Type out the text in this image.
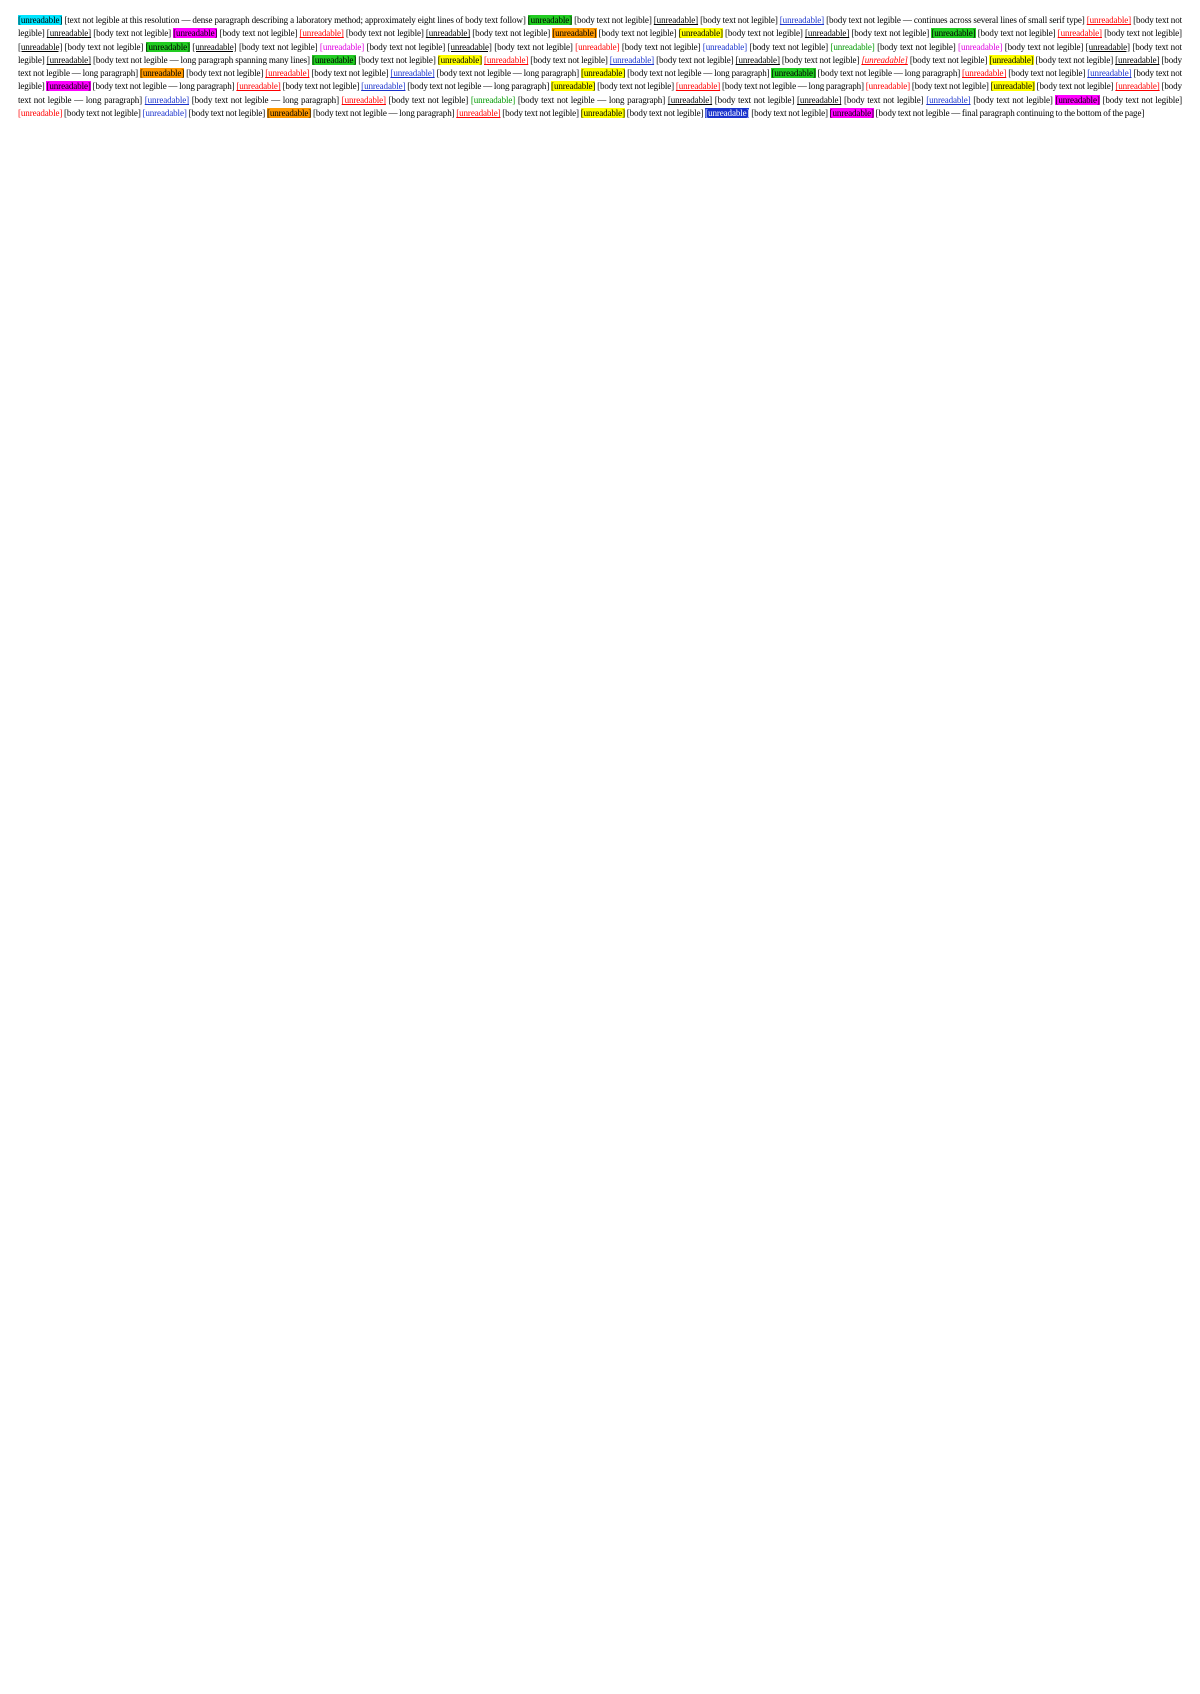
[unreadable] [text not legible at this resolution — dense paragraph describing a laboratory method; approximately eight lines of body text follow] [unreadable] [body text not legible] [unreadable] [body text not legible] [unreadable] [body text not legible — continues across several lines of small serif type] [unreadable] [body text not legible] [unreadable] [body text not legible] [unreadable] [body text not legible] [unreadable] [body text not legible] [unreadable] [body text not legible] [unreadable] [body text not legible] [unreadable] [body text not legible] [unreadable] [body text not legible] [unreadable] [body text not legible] [unreadable] [body text not legible] [unreadable] [body text not legible] [unreadable] [unreadable] [body text not legible] [unreadable] [body text not legible] [unreadable] [body text not legible] [unreadable] [body text not legible] [unreadable] [body text not legible] [unreadable] [body text not legible] [unreadable] [body text not legible] [unreadable] [body text not legible] [unreadable] [body text not legible — long paragraph spanning many lines] [unreadable] [body text not legible] [unreadable] [unreadable] [body text not legible] [unreadable] [body text not legible] [unreadable] [body text not legible] [unreadable] [body text not legible] [unreadable] [body text not legible] [unreadable] [body text not legible — long paragraph] [unreadable] [body text not legible] [unreadable] [body text not legible] [unreadable] [body text not legible — long paragraph] [unreadable] [body text not legible — long paragraph] [unreadable] [body text not legible — long paragraph] [unreadable] [body text not legible] [unreadable] [body text not legible] [unreadable] [body text not legible — long paragraph] [unreadable] [body text not legible] [unreadable] [body text not legible — long paragraph] [unreadable] [body text not legible] [unreadable] [body text not legible — long paragraph] [unreadable] [body text not legible] [unreadable] [body text not legible] [unreadable] [body text not legible — long paragraph] [unreadable] [body text not legible — long paragraph] [unreadable] [body text not legible] [unreadable] [body text not legible — long paragraph] [unreadable] [body text not legible] [unreadable] [body text not legible] [unreadable] [body text not legible] [unreadable] [body text not legible] [unreadable] [body text not legible] [unreadable] [body text not legible] [unreadable] [body text not legible — long paragraph] [unreadable] [body text not legible] [unreadable] [body text not legible] [unreadable] [body text not legible] [unreadable] [body text not legible — final paragraph continuing to the bottom of the page]
